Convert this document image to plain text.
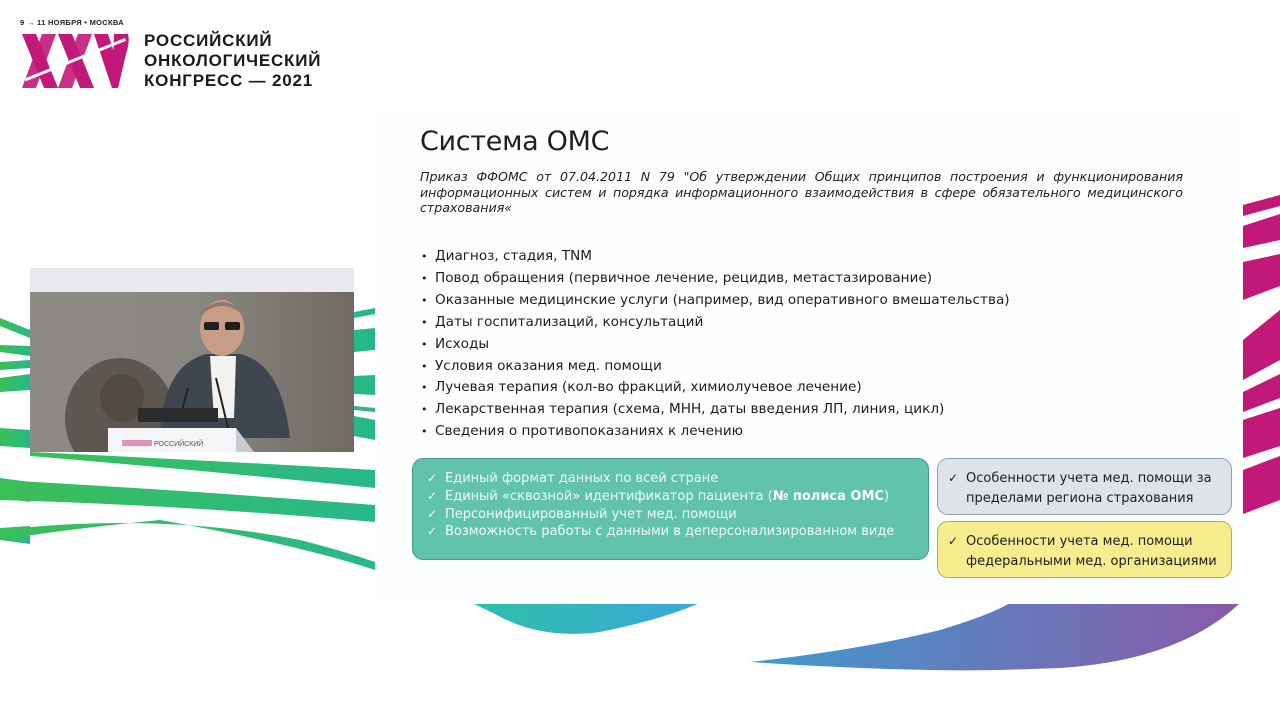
9 → 11 НОЯБРЯ • МОСКВА
РОССИЙСКИЙ
ОНКОЛОГИЧЕСКИЙ
КОНГРЕСС — 2021
РОССИЙСКИЙ
Система ОМС

Приказ ФФОМС от 07.04.2011 N 79 "Об утверждении Общих принципов построения и функционирования информационных систем и порядка информационного взаимодействия в сфере обязательного медицинского страхования«

• Диагноз, стадия, TNM
• Повод обращения (первичное лечение, рецидив, метастазирование)
• Оказанные медицинские услуги (например, вид оперативного вмешательства)
• Даты госпитализаций, консультаций
• Исходы
• Условия оказания мед. помощи
• Лучевая терапия (кол-во фракций, химиолучевое лечение)
• Лекарственная терапия (схема, МНН, даты введения ЛП, линия, цикл)
• Сведения о противопоказаниях к лечению
✓ Единый формат данных по всей стране
✓ Единый «сквозной» идентификатор пациента (№ полиса ОМС)
✓ Персонифицированный учет мед. помощи
✓ Возможность работы с данными в деперсонализированном виде
✓ Особенности учета мед. помощи за
пределами региона страхования
✓ Особенности учета мед. помощи
федеральными мед. организациями
